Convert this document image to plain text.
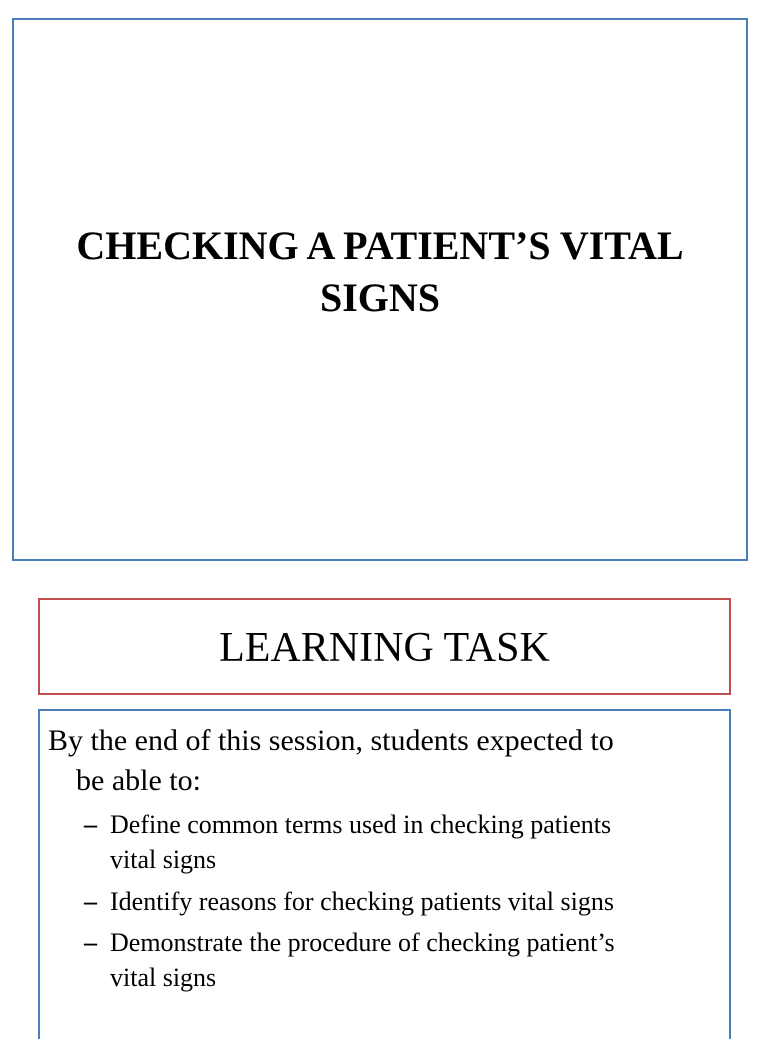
CHECKING A PATIENT’S VITAL SIGNS
LEARNING TASK
By the end of this session, students expected to
be able to:
– Define common terms used in checking patients
vital signs
– Identify reasons for checking patients vital signs
– Demonstrate the procedure of checking patient’s
vital signs
